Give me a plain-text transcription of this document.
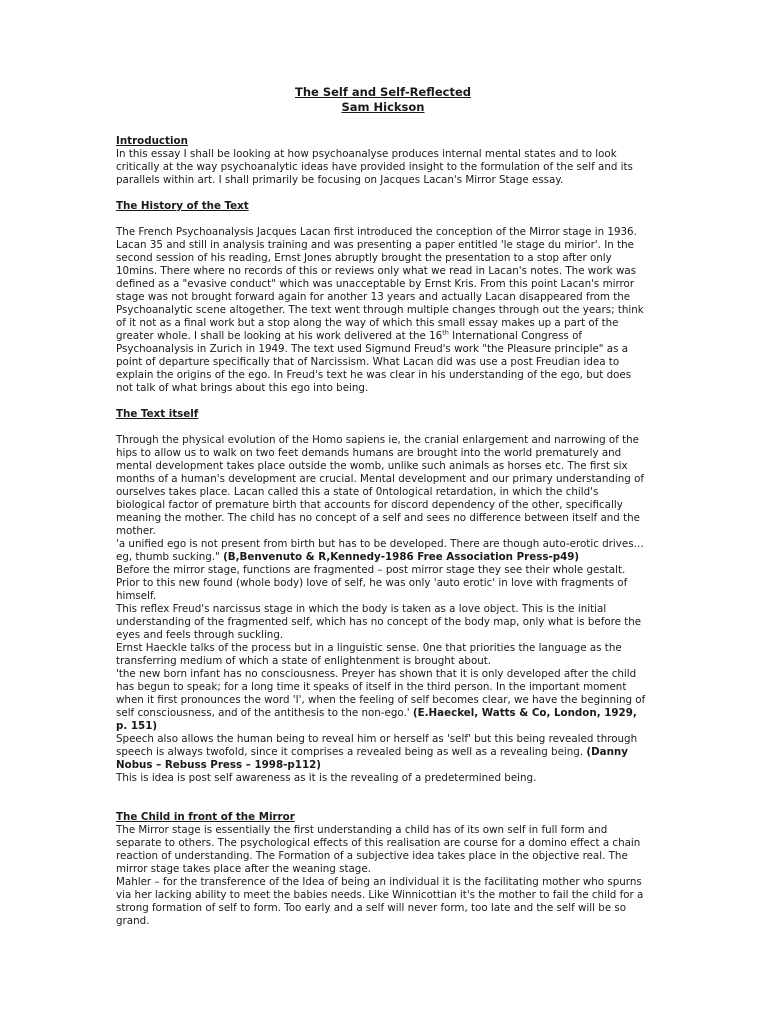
The Self and Self-Reflected
Sam Hickson
Introduction

In this essay I shall be looking at how psychoanalyse produces internal mental states and to look critically at the way psychoanalytic ideas have provided insight to the formulation of the self and its parallels within art. I shall primarily be focusing on Jacques Lacan's Mirror Stage essay.

The History of the Text

The French Psychoanalysis Jacques Lacan first introduced the conception of the Mirror stage in 1936. Lacan 35 and still in analysis training and was presenting a paper entitled 'le stage du mirior'. In the second session of his reading, Ernst Jones abruptly brought the presentation to a stop after only 10mins. There where no records of this or reviews only what we read in Lacan's notes. The work was defined as a "evasive conduct" which was unacceptable by Ernst Kris. From this point Lacan's mirror stage was not brought forward again for another 13 years and actually Lacan disappeared from the Psychoanalytic scene altogether. The text went through multiple changes through out the years; think of it not as a final work but a stop along the way of which this small essay makes up a part of the greater whole. I shall be looking at his work delivered at the 16th International Congress of Psychoanalysis in Zurich in 1949. The text used Sigmund Freud's work "the Pleasure principle" as a point of departure specifically that of Narcissism. What Lacan did was use a post Freudian idea to explain the origins of the ego. In Freud's text he was clear in his understanding of the ego, but does not talk of what brings about this ego into being.

The Text itself

Through the physical evolution of the Homo sapiens ie, the cranial enlargement and narrowing of the hips to allow us to walk on two feet demands humans are brought into the world prematurely and mental development takes place outside the womb, unlike such animals as horses etc. The first six months of a human's development are crucial. Mental development and our primary understanding of ourselves takes place. Lacan called this a state of 0ntological retardation, in which the child's biological factor of premature birth that accounts for discord dependency of the other, specifically meaning the mother. The child has no concept of a self and sees no difference between itself and the mother.

'a unified ego is not present from birth but has to be developed. There are though auto-erotic drives… eg, thumb sucking." (B,Benvenuto & R,Kennedy-1986 Free Association Press-p49)

Before the mirror stage, functions are fragmented – post mirror stage they see their whole gestalt. Prior to this new found (whole body) love of self, he was only 'auto erotic' in love with fragments of himself.

This reflex Freud's narcissus stage in which the body is taken as a love object. This is the initial understanding of the fragmented self, which has no concept of the body map, only what is before the eyes and feels through suckling.

Ernst Haeckle talks of the process but in a linguistic sense. 0ne that priorities the language as the transferring medium of which a state of enlightenment is brought about.

'the new born infant has no consciousness. Preyer has shown that it is only developed after the child has begun to speak; for a long time it speaks of itself in the third person. In the important moment when it first pronounces the word 'I', when the feeling of self becomes clear, we have the beginning of self consciousness, and of the antithesis to the non-ego.' (E.Haeckel, Watts & Co, London, 1929, p. 151)

Speech also allows the human being to reveal him or herself as 'self' but this being revealed through speech is always twofold, since it comprises a revealed being as well as a revealing being. (Danny Nobus – Rebuss Press – 1998-p112)

This is idea is post self awareness as it is the revealing of a predetermined being.

The Child in front of the Mirror

The Mirror stage is essentially the first understanding a child has of its own self in full form and separate to others. The psychological effects of this realisation are course for a domino effect a chain reaction of understanding. The Formation of a subjective idea takes place in the objective real. The mirror stage takes place after the weaning stage.

Mahler – for the transference of the Idea of being an individual it is the facilitating mother who spurns via her lacking ability to meet the babies needs. Like Winnicottian it's the mother to fail the child for a strong formation of self to form. Too early and a self will never form, too late and the self will be so grand.
